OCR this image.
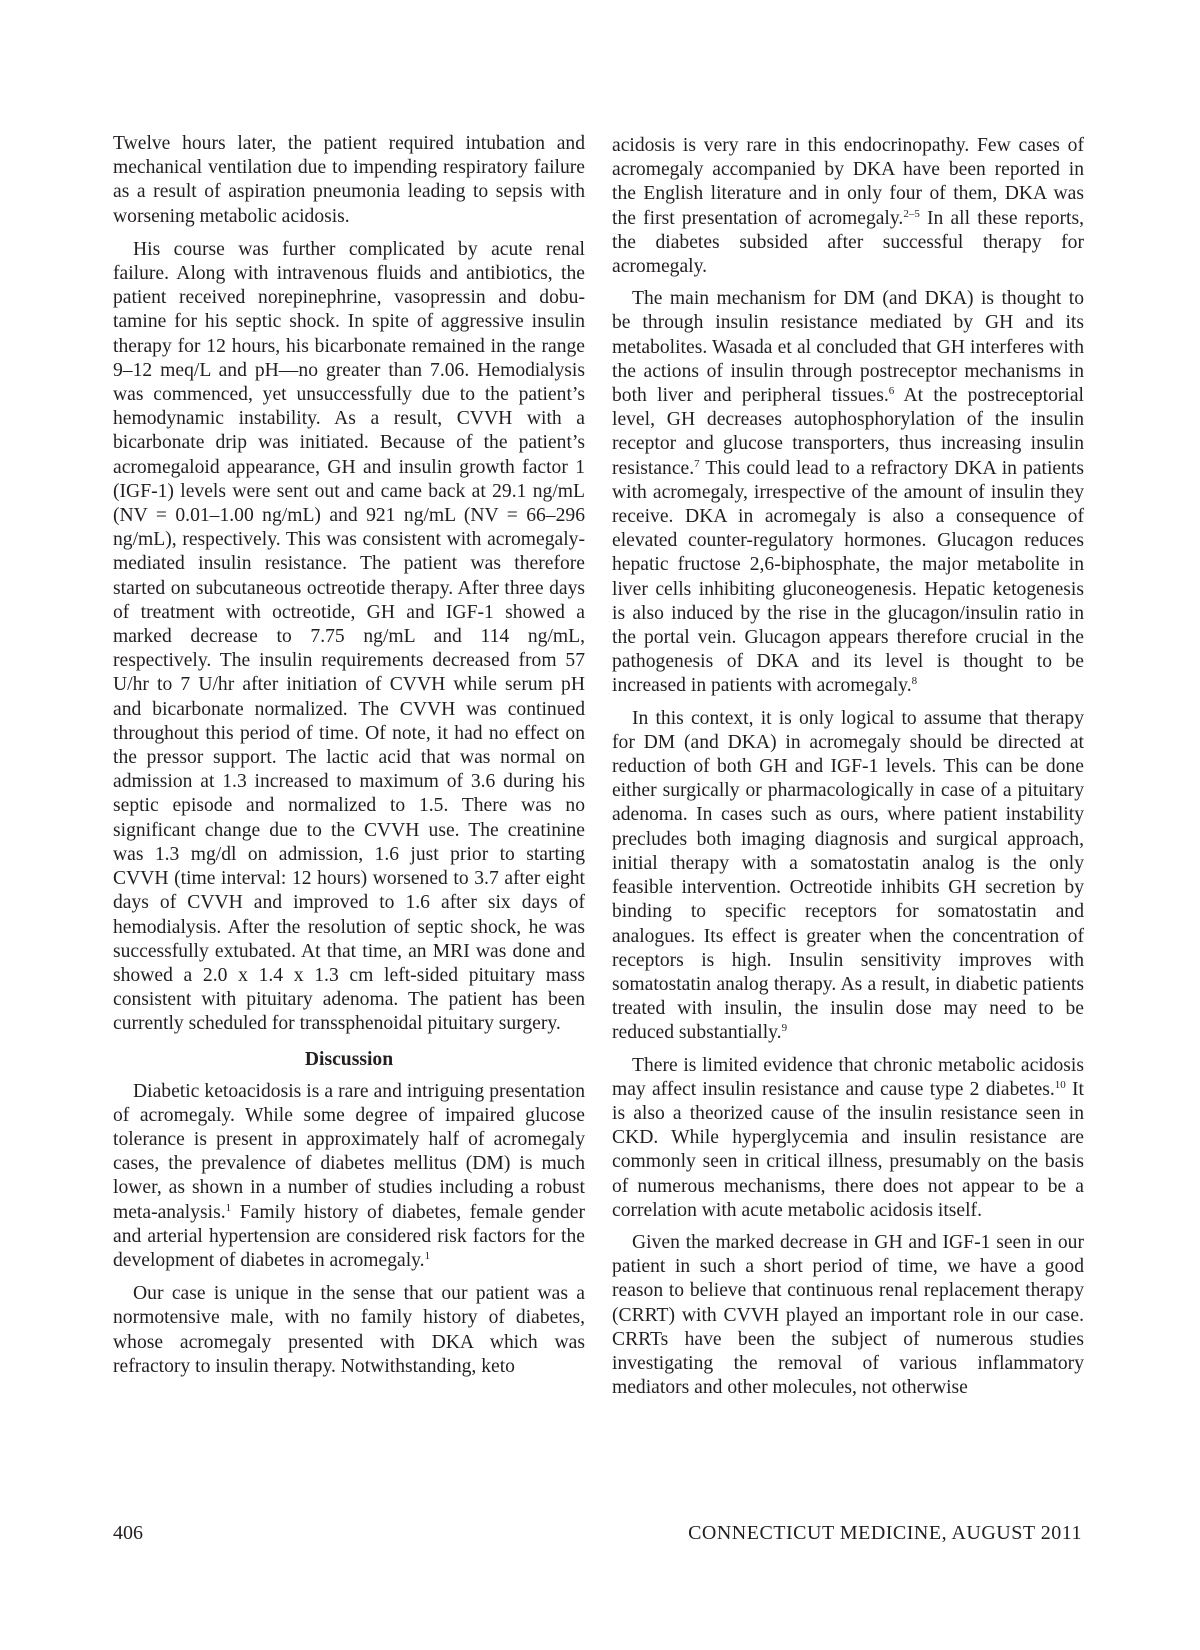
Twelve hours later, the patient required intubation and mechanical ventilation due to impending respiratory failure as a result of aspiration pneumonia leading to sepsis with worsening metabolic acidosis.

His course was further complicated by acute renal failure. Along with intravenous fluids and antibiotics, the patient received norepinephrine, vasopressin and dobutamine for his septic shock. In spite of aggressive insulin therapy for 12 hours, his bicarbonate remained in the range 9–12 meq/L and pH—no greater than 7.06. Hemodialysis was commenced, yet unsuccessfully due to the patient’s hemodynamic instability. As a result, CVVH with a bicarbonate drip was initiated. Because of the patient’s acromegaloid appearance, GH and insulin growth factor 1 (IGF-1) levels were sent out and came back at 29.1 ng/mL (NV = 0.01–1.00 ng/mL) and 921 ng/mL (NV = 66–296 ng/mL), respectively. This was consistent with acromegaly-mediated insulin resistance. The patient was therefore started on subcutaneous octreotide therapy. After three days of treatment with octreotide, GH and IGF-1 showed a marked decrease to 7.75 ng/mL and 114 ng/mL, respectively. The insulin requirements decreased from 57 U/hr to 7 U/hr after initiation of CVVH while serum pH and bicarbonate normalized. The CVVH was continued throughout this period of time. Of note, it had no effect on the pressor support. The lactic acid that was normal on admission at 1.3 increased to maximum of 3.6 during his septic episode and normalized to 1.5. There was no significant change due to the CVVH use. The creatinine was 1.3 mg/dl on admission, 1.6 just prior to starting CVVH (time interval: 12 hours) worsened to 3.7 after eight days of CVVH and improved to 1.6 after six days of hemodialysis. After the resolution of septic shock, he was successfully extubated. At that time, an MRI was done and showed a 2.0 x 1.4 x 1.3 cm left-sided pituitary mass consistent with pituitary adenoma. The patient has been currently scheduled for transsphenoidal pituitary surgery.

Discussion

Diabetic ketoacidosis is a rare and intriguing presentation of acromegaly. While some degree of impaired glucose tolerance is present in approximately half of acromegaly cases, the prevalence of diabetes mellitus (DM) is much lower, as shown in a number of studies including a robust meta-analysis.$^1$ Family history of diabetes, female gender and arterial hypertension are considered risk factors for the development of diabetes in acromegaly.$^1$

Our case is unique in the sense that our patient was a normotensive male, with no family history of diabetes, whose acromegaly presented with DKA which was refractory to insulin therapy. Notwithstanding, keto

acidosis is very rare in this endocrinopathy. Few cases of acromegaly accompanied by DKA have been reported in the English literature and in only four of them, DKA was the first presentation of acromegaly.$^{2-5}$ In all these reports, the diabetes subsided after successful therapy for acromegaly.

The main mechanism for DM (and DKA) is thought to be through insulin resistance mediated by GH and its metabolites. Wasada et al concluded that GH interferes with the actions of insulin through postreceptor mechanisms in both liver and peripheral tissues.$^6$ At the postreceptorial level, GH decreases autophosphorylation of the insulin receptor and glucose transporters, thus increasing insulin resistance.$^7$ This could lead to a refractory DKA in patients with acromegaly, irrespective of the amount of insulin they receive. DKA in acromegaly is also a consequence of elevated counter-regulatory hormones. Glucagon reduces hepatic fructose 2,6-biphosphate, the major metabolite in liver cells inhibiting gluconeogenesis. Hepatic ketogenesis is also induced by the rise in the glucagon/insulin ratio in the portal vein. Glucagon appears therefore crucial in the pathogenesis of DKA and its level is thought to be increased in patients with acromegaly.$^8$

In this context, it is only logical to assume that therapy for DM (and DKA) in acromegaly should be directed at reduction of both GH and IGF-1 levels. This can be done either surgically or pharmacologically in case of a pituitary adenoma. In cases such as ours, where patient instability precludes both imaging diagnosis and surgical approach, initial therapy with a somatostatin analog is the only feasible intervention. Octreotide inhibits GH secretion by binding to specific receptors for somatostatin and analogues. Its effect is greater when the concentration of receptors is high. Insulin sensitivity improves with somatostatin analog therapy. As a result, in diabetic patients treated with insulin, the insulin dose may need to be reduced substantially.$^9$

There is limited evidence that chronic metabolic acidosis may affect insulin resistance and cause type 2 diabetes.$^{10}$ It is also a theorized cause of the insulin resistance seen in CKD. While hyperglycemia and insulin resistance are commonly seen in critical illness, presumably on the basis of numerous mechanisms, there does not appear to be a correlation with acute metabolic acidosis itself.

Given the marked decrease in GH and IGF-1 seen in our patient in such a short period of time, we have a good reason to believe that continuous renal replacement therapy (CRRT) with CVVH played an important role in our case. CRRTs have been the subject of numerous studies investigating the removal of various inflammatory mediators and other molecules, not otherwise

406	CONNECTICUT MEDICINE, AUGUST 2011
